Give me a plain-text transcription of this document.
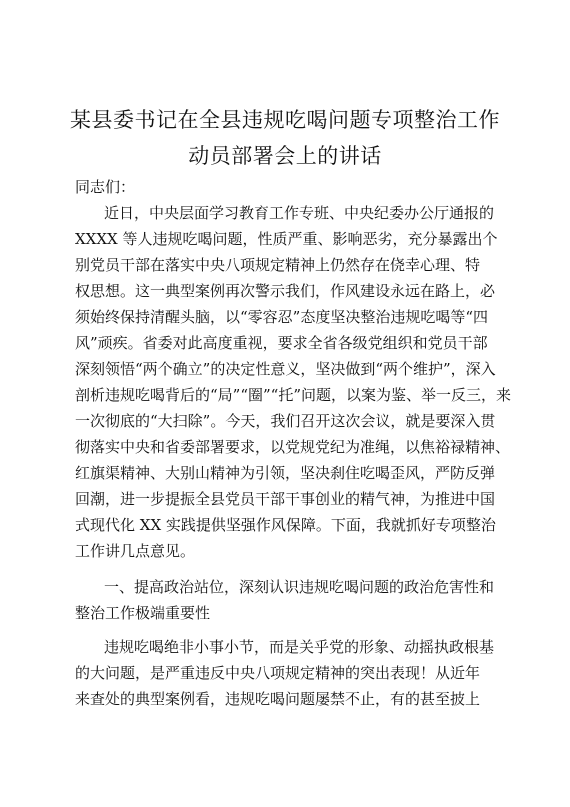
某县委书记在全县违规吃喝问题专项整治工作
动员部署会上的讲话
同志们：
近日，中央层面学习教育工作专班、中央纪委办公厅通报的
XXXX 等人违规吃喝问题，性质严重、影响恶劣，充分暴露出个
别党员干部在落实中央八项规定精神上仍然存在侥幸心理、特
权思想。这一典型案例再次警示我们，作风建设永远在路上，必
须始终保持清醒头脑，以“零容忍”态度坚决整治违规吃喝等“四
风”顽疾。省委对此高度重视，要求全省各级党组织和党员干部
深刻领悟“两个确立”的决定性意义，坚决做到“两个维护”，深入
剖析违规吃喝背后的“局”“圈”“托”问题，以案为鉴、举一反三，来
一次彻底的“大扫除”。今天，我们召开这次会议，就是要深入贯
彻落实中央和省委部署要求，以党规党纪为准绳，以焦裕禄精神、
红旗渠精神、大别山精神为引领，坚决刹住吃喝歪风，严防反弹
回潮，进一步提振全县党员干部干事创业的精气神，为推进中国
式现代化 XX 实践提供坚强作风保障。下面，我就抓好专项整治
工作讲几点意见。
一、提高政治站位，深刻认识违规吃喝问题的政治危害性和
整治工作极端重要性
违规吃喝绝非小事小节，而是关乎党的形象、动摇执政根基
的大问题，是严重违反中央八项规定精神的突出表现！从近年
来查处的典型案例看，违规吃喝问题屡禁不止，有的甚至披上
